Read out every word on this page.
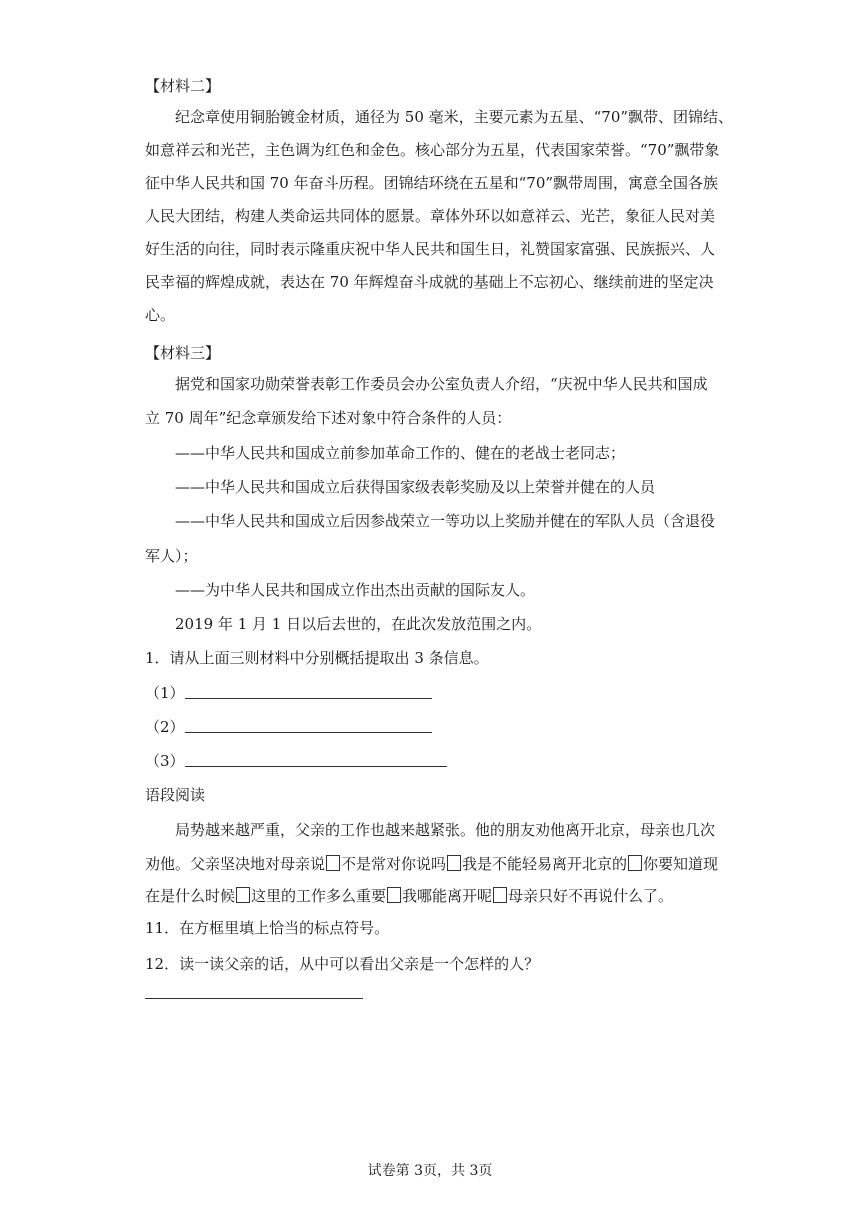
【材料二】
纪念章使用铜胎镀金材质，通径为 50 毫米，主要元素为五星、“70”飘带、团锦结、
如意祥云和光芒，主色调为红色和金色。核心部分为五星，代表国家荣誉。“70”飘带象
征中华人民共和国 70 年奋斗历程。团锦结环绕在五星和“70”飘带周围，寓意全国各族
人民大团结，构建人类命运共同体的愿景。章体外环以如意祥云、光芒，象征人民对美
好生活的向往，同时表示隆重庆祝中华人民共和国生日，礼赞国家富强、民族振兴、人
民幸福的辉煌成就，表达在 70 年辉煌奋斗成就的基础上不忘初心、继续前进的坚定决
心。
【材料三】
据党和国家功勋荣誉表彰工作委员会办公室负责人介绍，“庆祝中华人民共和国成
立 70 周年”纪念章颁发给下述对象中符合条件的人员：
——中华人民共和国成立前参加革命工作的、健在的老战士老同志；
——中华人民共和国成立后获得国家级表彰奖励及以上荣誉并健在的人员
——中华人民共和国成立后因参战荣立一等功以上奖励并健在的军队人员（含退役
军人）；
——为中华人民共和国成立作出杰出贡献的国际友人。
2019 年 1 月 1 日以后去世的，在此次发放范围之内。
1．请从上面三则材料中分别概括提取出 3 条信息。
（1）
（2）
（3）
语段阅读
局势越来越严重，父亲的工作也越来越紧张。他的朋友劝他离开北京，母亲也几次
劝他。父亲坚决地对母亲说 不是常对你说吗 我是不能轻易离开北京的 你要知道现
在是什么时候 这里的工作多么重要 我哪能离开呢 母亲只好不再说什么了。
11．在方框里填上恰当的标点符号。
12．读一读父亲的话，从中可以看出父亲是一个怎样的人？
试卷第 3页，共 3页
